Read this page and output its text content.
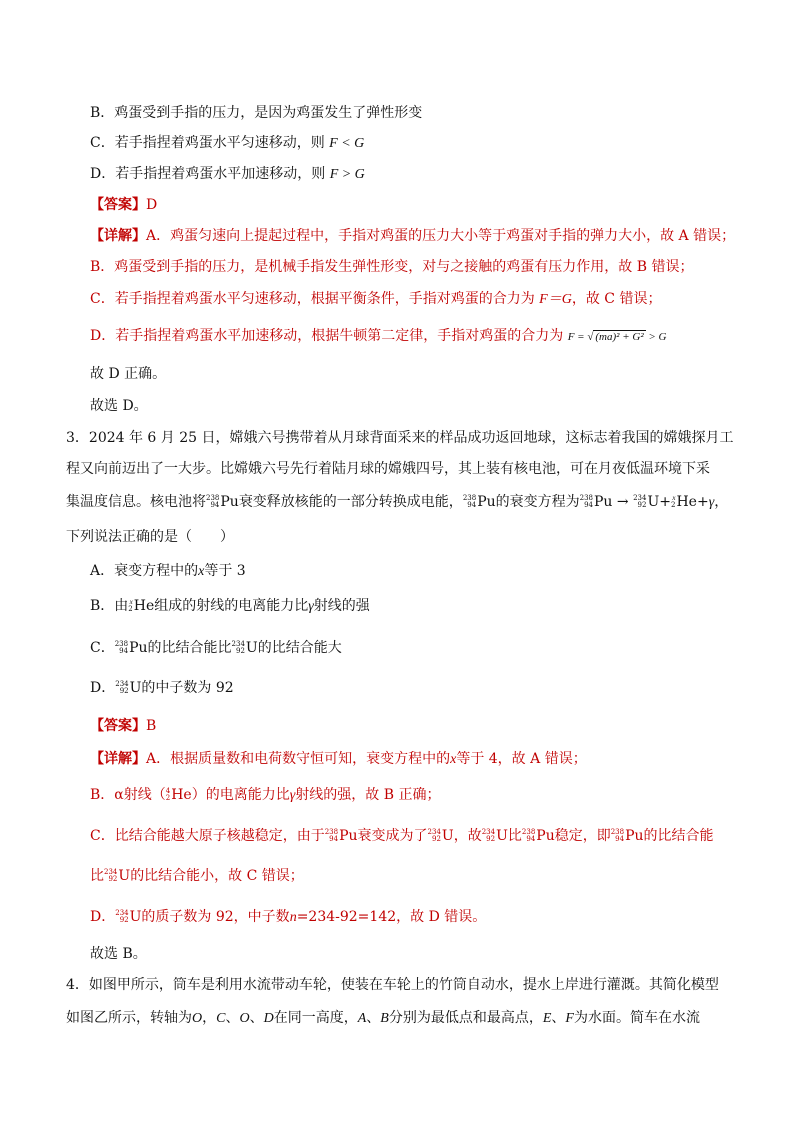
B．鸡蛋受到手指的压力，是因为鸡蛋发生了弹性形变
C．若手指捏着鸡蛋水平匀速移动，则 F < G
D．若手指捏着鸡蛋水平加速移动，则 F > G
【答案】D
【详解】A．鸡蛋匀速向上提起过程中，手指对鸡蛋的压力大小等于鸡蛋对手指的弹力大小，故 A 错误；
B．鸡蛋受到手指的压力，是机械手指发生弹性形变，对与之接触的鸡蛋有压力作用，故 B 错误；
C．若手指捏着鸡蛋水平匀速移动，根据平衡条件，手指对鸡蛋的合力为 F＝G，故 C 错误；
D．若手指捏着鸡蛋水平加速移动，根据牛顿第二定律，手指对鸡蛋的合力为 F = √ (ma)² + G² > G
故 D 正确。
故选 D。
3．2024 年 6 月 25 日，嫦娥六号携带着从月球背面采来的样品成功返回地球，这标志着我国的嫦娥探月工
程又向前迈出了一大步。比嫦娥六号先行着陆月球的嫦娥四号，其上装有核电池，可在月夜低温环境下采
集温度信息。核电池将 238
94 Pu衰变释放核能的一部分转换成电能， 238
94 Pu的衰变方程为 238
94 Pu → 234
92 U+ x
2 He+γ，
下列说法正确的是（　　）
A．衰变方程中的x等于 3
B．由 x
2 He组成的射线的电离能力比γ射线的强
C． 238
94 Pu的比结合能比 234
92 U的比结合能大
D． 234
92 U的中子数为 92
【答案】B
【详解】A．根据质量数和电荷数守恒可知，衰变方程中的x等于 4，故 A 错误；
B．α射线（ 4
2 He）的电离能力比γ射线的强，故 B 正确；
C．比结合能越大原子核越稳定，由于 238
94 Pu衰变成为了 234
92 U，故 234
92 U比 238
94 Pu稳定，即 238
94 Pu的比结合能
比 234
92 U的比结合能小，故 C 错误；
D． 234
92 U的质子数为 92，中子数n=234-92=142，故 D 错误。
故选 B。
4．如图甲所示，筒车是利用水流带动车轮，使装在车轮上的竹筒自动水，提水上岸进行灌溉。其简化模型
如图乙所示，转轴为O，C、O、D在同一高度，A、B分别为最低点和最高点，E、F为水面。简车在水流
